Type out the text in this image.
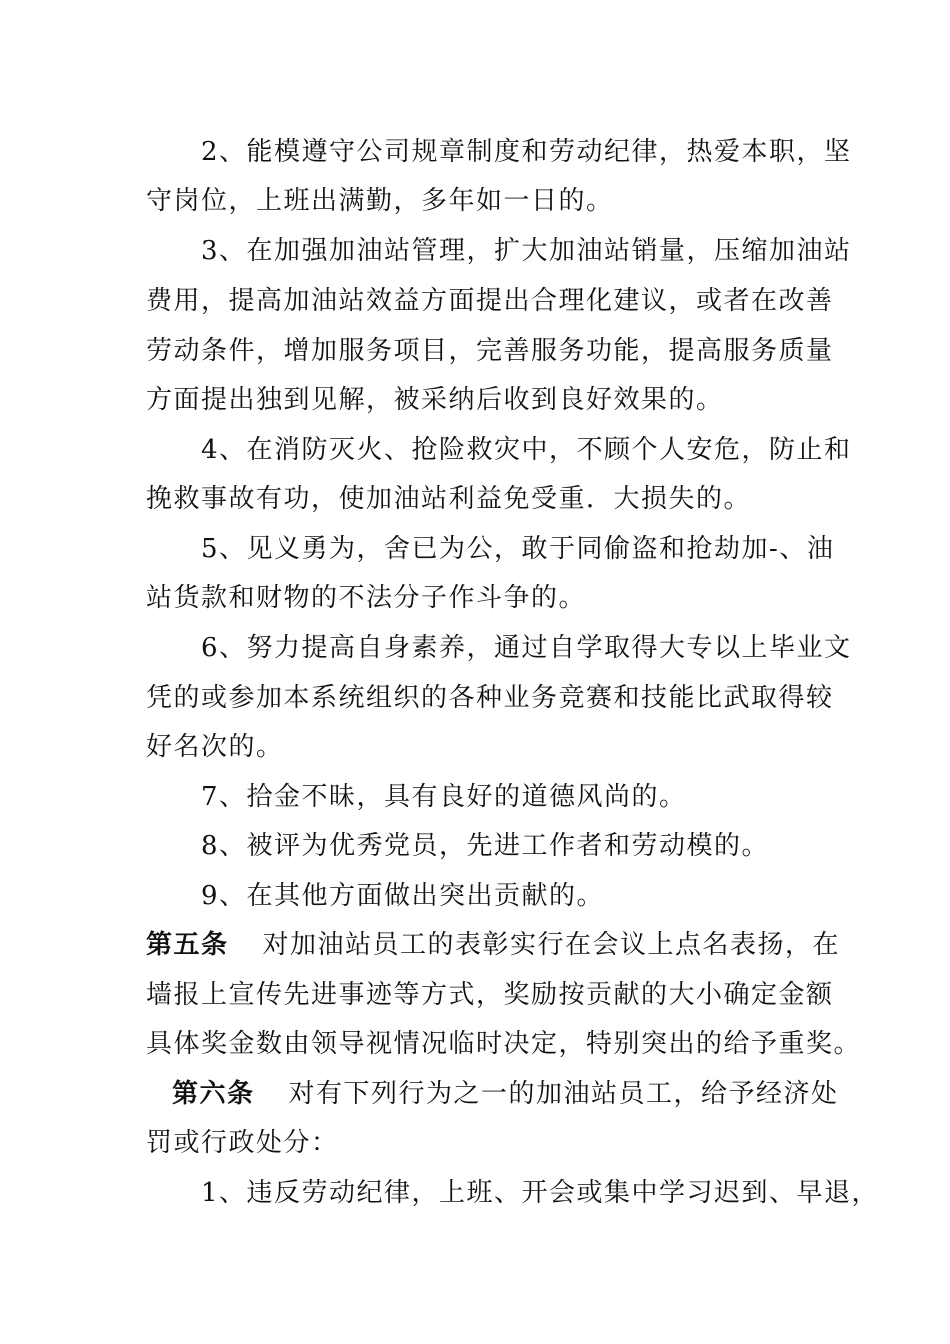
　　2、能模遵守公司规章制度和劳动纪律，热爱本职，坚
守岗位，上班出满勤，多年如一日的。
　　3、在加强加油站管理，扩大加油站销量，压缩加油站
费用，提高加油站效益方面提出合理化建议，或者在改善
劳动条件，增加服务项目，完善服务功能，提高服务质量
方面提出独到见解，被采纳后收到良好效果的。
　　4、在消防灭火、抢险救灾中，不顾个人安危，防止和
挽救事故有功，使加油站利益免受重．大损失的。
　　5、见义勇为，舍已为公，敢于同偷盗和抢劫加-、油
站货款和财物的不法分子作斗争的。
　　6、努力提高自身素养，通过自学取得大专以上毕业文
凭的或参加本系统组织的各种业务竞赛和技能比武取得较
好名次的。
　　7、拾金不昧，具有良好的道德风尚的。
　　8、被评为优秀党员，先进工作者和劳动模的。
　　9、在其他方面做出突出贡献的。
第五条 对加油站员工的表彰实行在会议上点名表扬，在
墙报上宣传先进事迹等方式，奖励按贡献的大小确定金额
具体奖金数由领导视情况临时决定，特别突出的给予重奖。
第六条 对有下列行为之一的加油站员工，给予经济处
罚或行政处分：
　　1、违反劳动纪律，上班、开会或集中学习迟到、早退，
